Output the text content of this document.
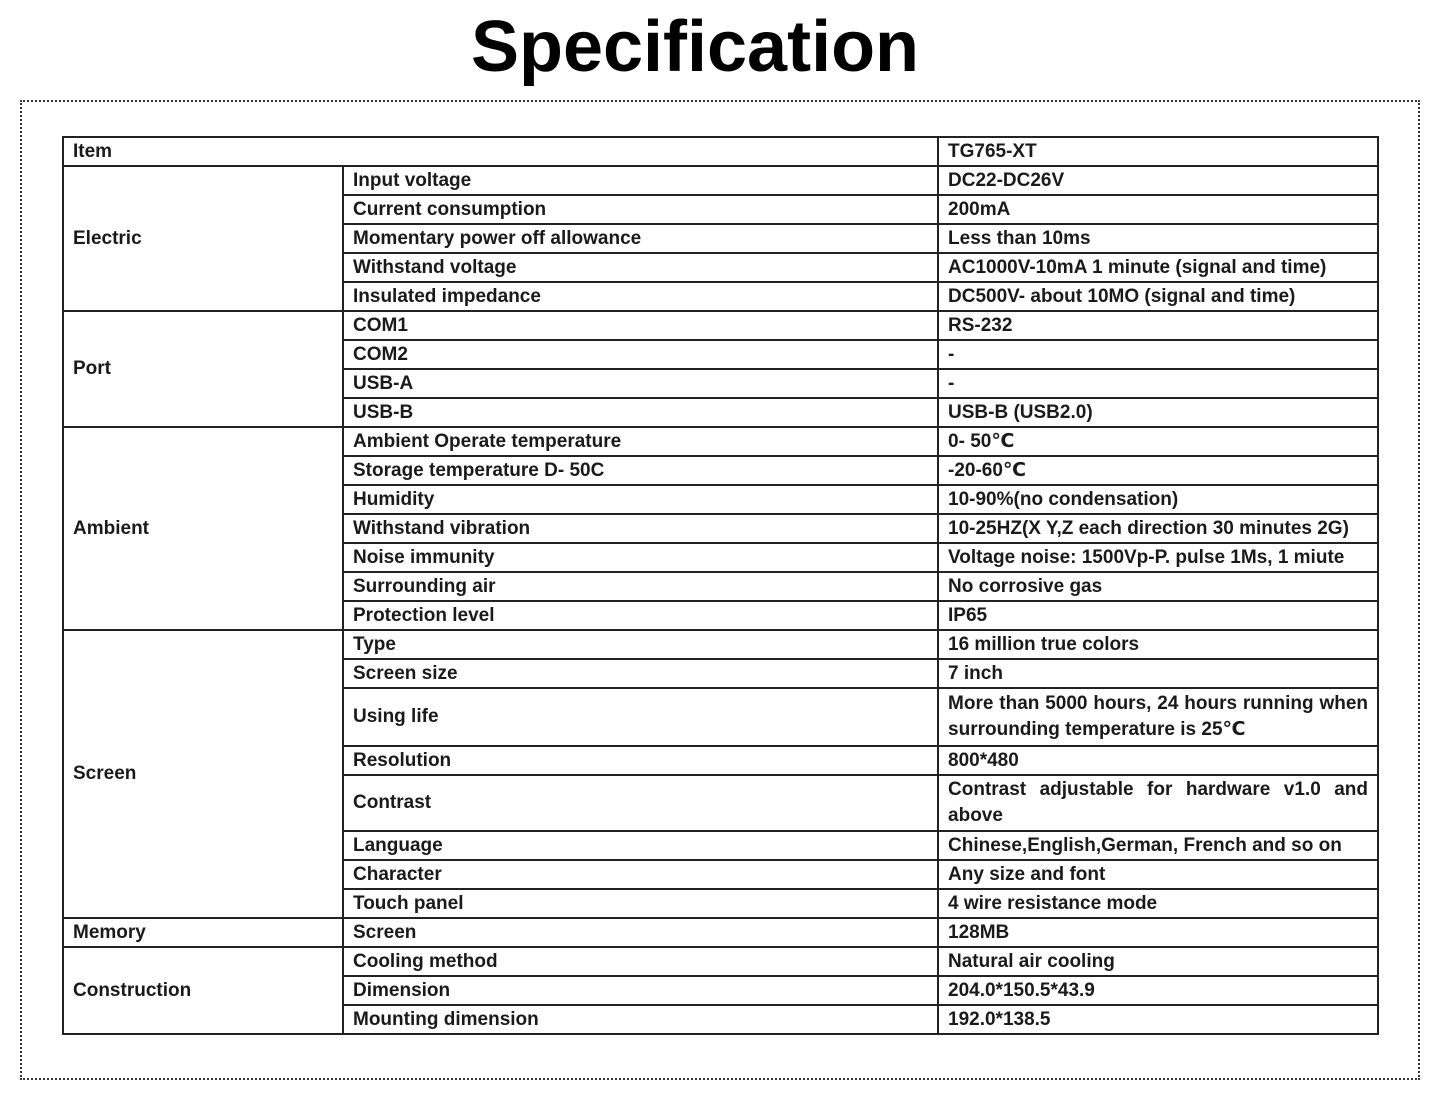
Specification
Item		TG765-XT
Electric	Input voltage	DC22-DC26V
	Current consumption	200mA
	Momentary power off allowance	Less than 10ms
	Withstand voltage	AC1000V-10mA 1 minute (signal and time)
	Insulated impedance	DC500V- about 10MO (signal and time)
Port	COM1	RS-232
	COM2	-
	USB-A	-
	USB-B	USB-B (USB2.0)
Ambient	Ambient Operate temperature	0- 50℃
	Storage temperature D- 50C	-20-60℃
	Humidity	10-90%(no condensation)
	Withstand vibration	10-25HZ(X Y,Z each direction 30 minutes 2G)
	Noise immunity	Voltage noise: 1500Vp-P. pulse 1Ms, 1 miute
	Surrounding air	No corrosive gas
	Protection level	IP65
Screen	Type	16 million true colors
	Screen size	7 inch
	Using life	More than 5000 hours, 24 hours running when surrounding temperature is 25℃
	Resolution	800*480
	Contrast	Contrast adjustable for hardware v1.0 and above
	Language	Chinese,English,German, French and so on
	Character	Any size and font
	Touch panel	4 wire resistance mode
Memory	Screen	128MB
Construction	Cooling method	Natural air cooling
	Dimension	204.0*150.5*43.9
	Mounting dimension	192.0*138.5
